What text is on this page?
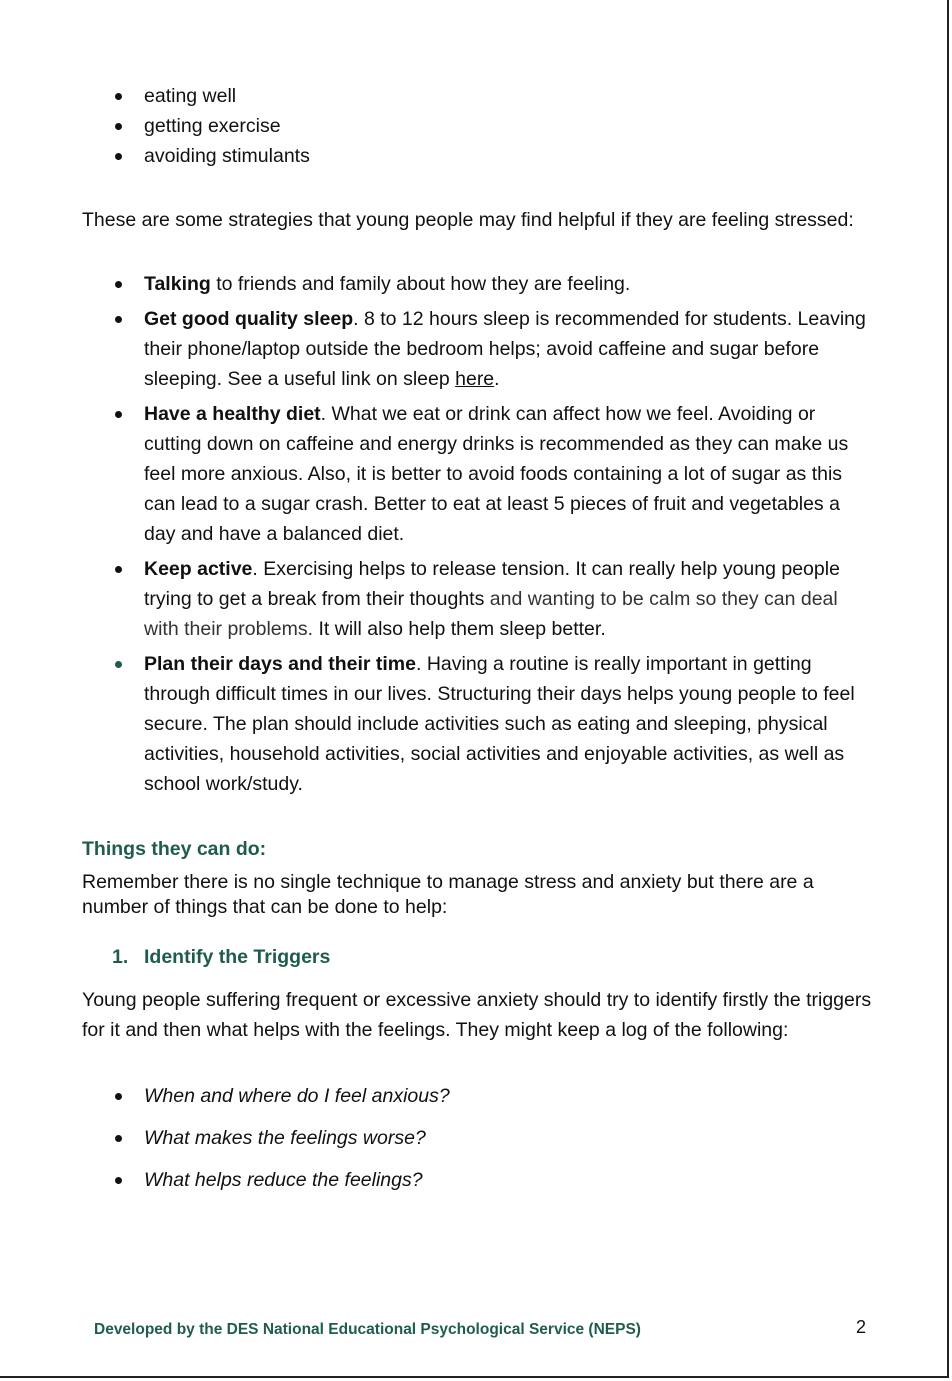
eating well
getting exercise
avoiding stimulants
These are some strategies that young people may find helpful if they are feeling stressed:
Talking to friends and family about how they are feeling.
Get good quality sleep. 8 to 12 hours sleep is recommended for students. Leaving their phone/laptop outside the bedroom helps; avoid caffeine and sugar before sleeping. See a useful link on sleep here.
Have a healthy diet. What we eat or drink can affect how we feel. Avoiding or cutting down on caffeine and energy drinks is recommended as they can make us feel more anxious. Also, it is better to avoid foods containing a lot of sugar as this can lead to a sugar crash. Better to eat at least 5 pieces of fruit and vegetables a day and have a balanced diet.
Keep active. Exercising helps to release tension. It can really help young people trying to get a break from their thoughts and wanting to be calm so they can deal with their problems. It will also help them sleep better.
Plan their days and their time. Having a routine is really important in getting through difficult times in our lives. Structuring their days helps young people to feel secure. The plan should include activities such as eating and sleeping, physical activities, household activities, social activities and enjoyable activities, as well as school work/study.
Things they can do:
Remember there is no single technique to manage stress and anxiety but there are a number of things that can be done to help:
1. Identify the Triggers
Young people suffering frequent or excessive anxiety should try to identify firstly the triggers for it and then what helps with the feelings. They might keep a log of the following:
When and where do I feel anxious?
What makes the feelings worse?
What helps reduce the feelings?
Developed by the DES National Educational Psychological Service (NEPS)	2
